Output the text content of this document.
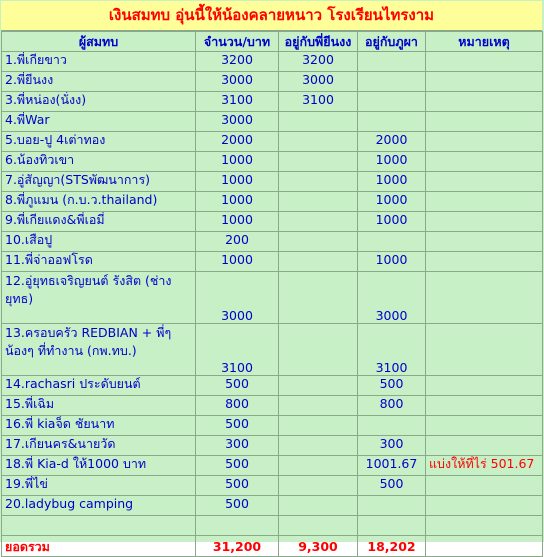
เงินสมทบ อุ่นนี้ให้น้องคลายหนาว โรงเรียนไทรงาม
ผู้สมทบ	จำนวน/บาท	อยู่กับพี่ยีนงง	อยู่กับภูผา	หมายเหตุ
1.พี่เกียขาว	3200	3200		
2.พี่ยีนงง	3000	3000		
3.พี่หน่อง(นั่งง)	3100	3100		
4.พี่War	3000			
5.บอย-ปู 4เต่าทอง	2000		2000	
6.น้องทิวเขา	1000		1000	
7.อู่สัญญา(STSพัฒนาการ)	1000		1000	
8.พี่ภูแมน (ก.บ.ว.thailand)	1000		1000	
9.พี่เกียแดง&พี่เอมี่	1000		1000	
10.เสือปู	200			
11.พี่จ่าออฟโรด	1000		1000	
12.อู่ยุทธเจริญยนต์ รังสิต (ช่างยุทธ)	3000		3000	
13.ครอบครัว REDBIAN + พี่ๆ น้องๆ ที่ทำงาน (กพ.ทบ.)	3100		3100	
14.rachasri ประดับยนต์	500		500	
15.พี่เฉิม	800		800	
16.พี่ kiaจ็ด ชัยนาท	500			
17.เกียนคร&นายวัด	300		300	
18.พี่ Kia-d ให้1000 บาท	500		1001.67	แบ่งให้ที่ไร่ 501.67
19.พี่ไข่	500		500	
20.ladybug camping	500			

ยอดรวม	31,200	9,300	18,202	
